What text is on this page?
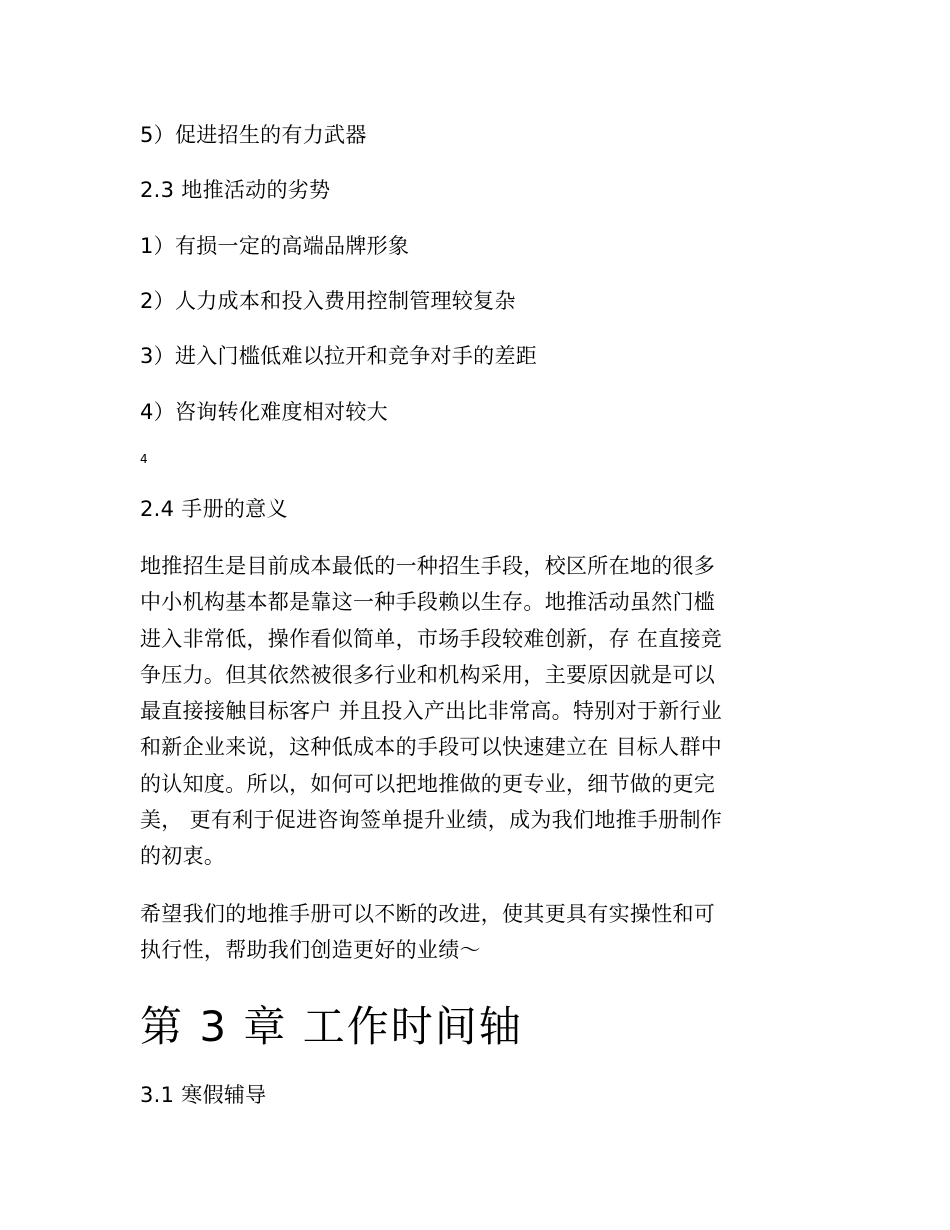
5）促进招生的有力武器
2.3 地推活动的劣势
1）有损一定的高端品牌形象
2）人力成本和投入费用控制管理较复杂
3）进入门槛低难以拉开和竞争对手的差距
4）咨询转化难度相对较大
4
2.4 手册的意义
地推招生是目前成本最低的一种招生手段，校区所在地的很多
中小机构基本都是靠这一种手段赖以生存。地推活动虽然门槛
进入非常低，操作看似简单，市场手段较难创新，存 在直接竞
争压力。但其依然被很多行业和机构采用，主要原因就是可以
最直接接触目标客户 并且投入产出比非常高。特别对于新行业
和新企业来说，这种低成本的手段可以快速建立在 目标人群中
的认知度。所以，如何可以把地推做的更专业，细节做的更完
美， 更有利于促进咨询签单提升业绩，成为我们地推手册制作
的初衷。
希望我们的地推手册可以不断的改进，使其更具有实操性和可
执行性，帮助我们创造更好的业绩～
第 3 章 工作时间轴
3.1 寒假辅导
